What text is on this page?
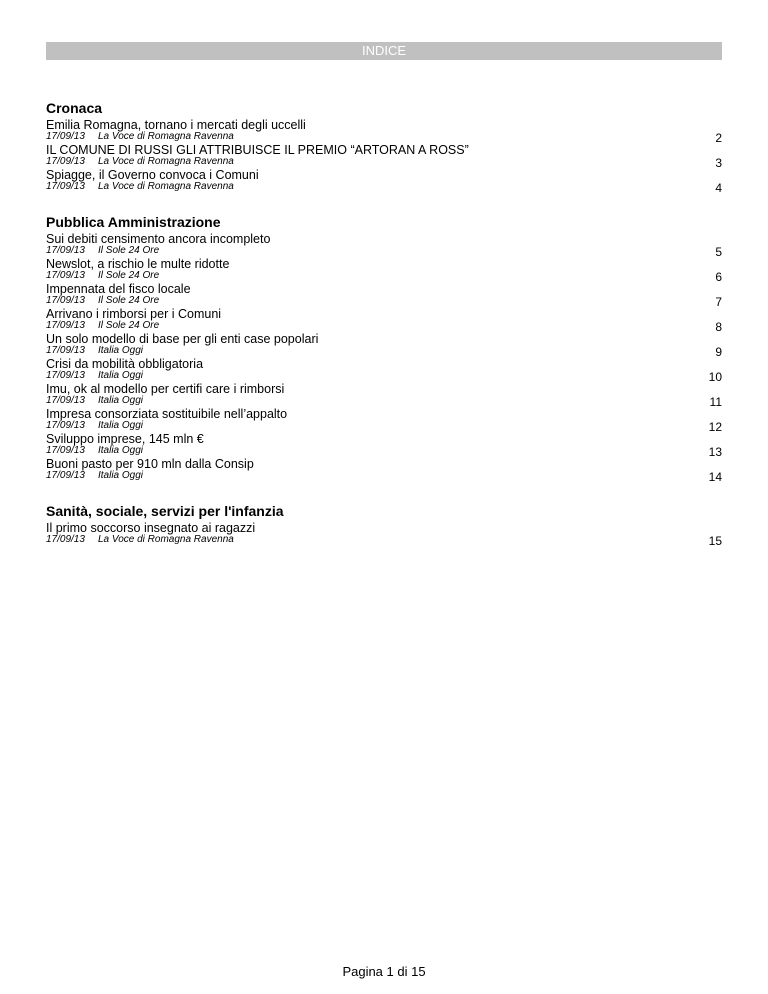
INDICE
Cronaca
Emilia Romagna, tornano i mercati degli uccelli
17/09/13 La Voce di Romagna Ravenna	2
IL COMUNE DI RUSSI GLI ATTRIBUISCE IL PREMIO “ARTORAN A ROSS”
17/09/13 La Voce di Romagna Ravenna	3
Spiagge, il Governo convoca i Comuni
17/09/13 La Voce di Romagna Ravenna	4
Pubblica Amministrazione
Sui debiti censimento ancora incompleto
17/09/13 Il Sole 24 Ore	5
Newslot, a rischio le multe ridotte
17/09/13 Il Sole 24 Ore	6
Impennata del fisco locale
17/09/13 Il Sole 24 Ore	7
Arrivano i rimborsi per i Comuni
17/09/13 Il Sole 24 Ore	8
Un solo modello di base per gli enti case popolari
17/09/13 Italia Oggi	9
Crisi da mobilità obbligatoria
17/09/13 Italia Oggi	10
Imu, ok al modello per certifi care i rimborsi
17/09/13 Italia Oggi	11
Impresa consorziata sostituibile nell’appalto
17/09/13 Italia Oggi	12
Sviluppo imprese, 145 mln €
17/09/13 Italia Oggi	13
Buoni pasto per 910 mln dalla Consip
17/09/13 Italia Oggi	14
Sanità, sociale, servizi per l'infanzia
Il primo soccorso insegnato ai ragazzi
17/09/13 La Voce di Romagna Ravenna	15
Pagina 1 di 15
